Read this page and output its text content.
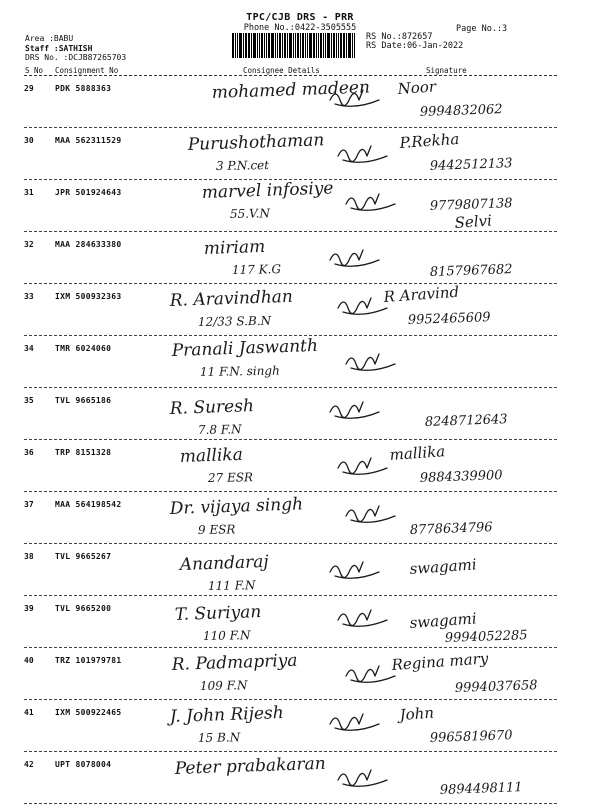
TPC/CJB DRS - PRR
Phone No.:0422-3505555	Page No.:3
Area :BABU
Staff :SATHISH
DRS No. :DCJB87265703
RS No.:872657
RS Date:06-Jan-2022
S No Consignment No	Consignee Details	Signature
29	PDK 5888363	mohamed madeen Noor
9994832062
30	MAA 562311529	Purushothaman
3 P.N.cet
P.Rekha
9442512133
31	JPR 501924643	marvel infosiye
55.V.N	Selvi
9779807138
32	MAA 284633380	miriam
117 K.G	8157967682
33	IXM 500932363	R. Aravindhan
12/33 S.B.N
R Aravind
9952465609
34	TMR 6024060	Pranali Jaswanth
11 F.N. singh
35	TVL 9665186	R. Suresh
7.8 F.N	8248712643
36	TRP 8151328	mallika
27 ESR
mallika
9884339900
37	MAA 564198542	Dr. vijaya singh
9 ESR	8778634796
38	TVL 9665267	Anandaraj
111 F.N
swagami
39	TVL 9665200	T. Suriyan
110 F.N
swagami
9994052285
40	TRZ 101979781	R. Padmapriya
109 F.N
Regina mary
9994037658
41	IXM 500922465	J. John Rijesh
15 B.N
John
9965819670
42	UPT 8078004	Peter prabakaran
9894498111
